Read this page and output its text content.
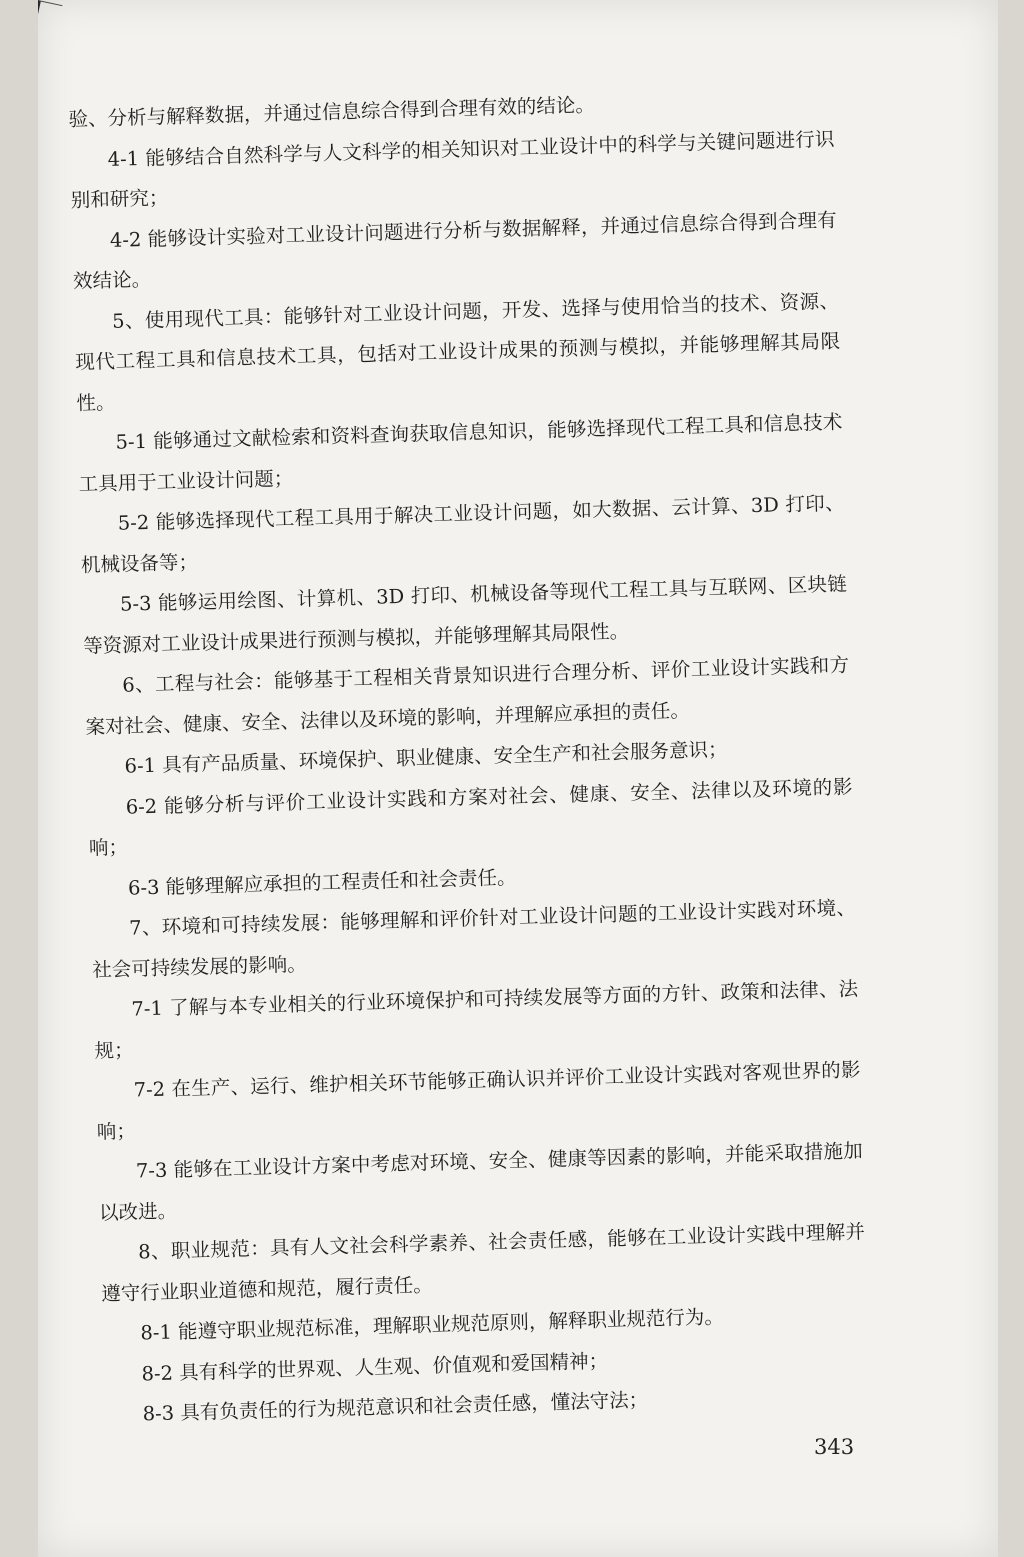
验、分析与解释数据，并通过信息综合得到合理有效的结论。

4-1 能够结合自然科学与人文科学的相关知识对工业设计中的科学与关键问题进行识别和研究；

4-2 能够设计实验对工业设计问题进行分析与数据解释，并通过信息综合得到合理有效结论。

5、使用现代工具：能够针对工业设计问题，开发、选择与使用恰当的技术、资源、现代工程工具和信息技术工具，包括对工业设计成果的预测与模拟，并能够理解其局限性。

5-1 能够通过文献检索和资料查询获取信息知识，能够选择现代工程工具和信息技术工具用于工业设计问题；

5-2 能够选择现代工程工具用于解决工业设计问题，如大数据、云计算、3D 打印、机械设备等；

5-3 能够运用绘图、计算机、3D 打印、机械设备等现代工程工具与互联网、区块链等资源对工业设计成果进行预测与模拟，并能够理解其局限性。

6、工程与社会：能够基于工程相关背景知识进行合理分析、评价工业设计实践和方案对社会、健康、安全、法律以及环境的影响，并理解应承担的责任。

6-1 具有产品质量、环境保护、职业健康、安全生产和社会服务意识；

6-2 能够分析与评价工业设计实践和方案对社会、健康、安全、法律以及环境的影响；

6-3 能够理解应承担的工程责任和社会责任。

7、环境和可持续发展：能够理解和评价针对工业设计问题的工业设计实践对环境、社会可持续发展的影响。

7-1 了解与本专业相关的行业环境保护和可持续发展等方面的方针、政策和法律、法规；

7-2 在生产、运行、维护相关环节能够正确认识并评价工业设计实践对客观世界的影响；

7-3 能够在工业设计方案中考虑对环境、安全、健康等因素的影响，并能采取措施加以改进。

8、职业规范：具有人文社会科学素养、社会责任感，能够在工业设计实践中理解并遵守行业职业道德和规范，履行责任。

8-1 能遵守职业规范标准，理解职业规范原则，解释职业规范行为。

8-2 具有科学的世界观、人生观、价值观和爱国精神；

8-3 具有负责任的行为规范意识和社会责任感，懂法守法；

343
